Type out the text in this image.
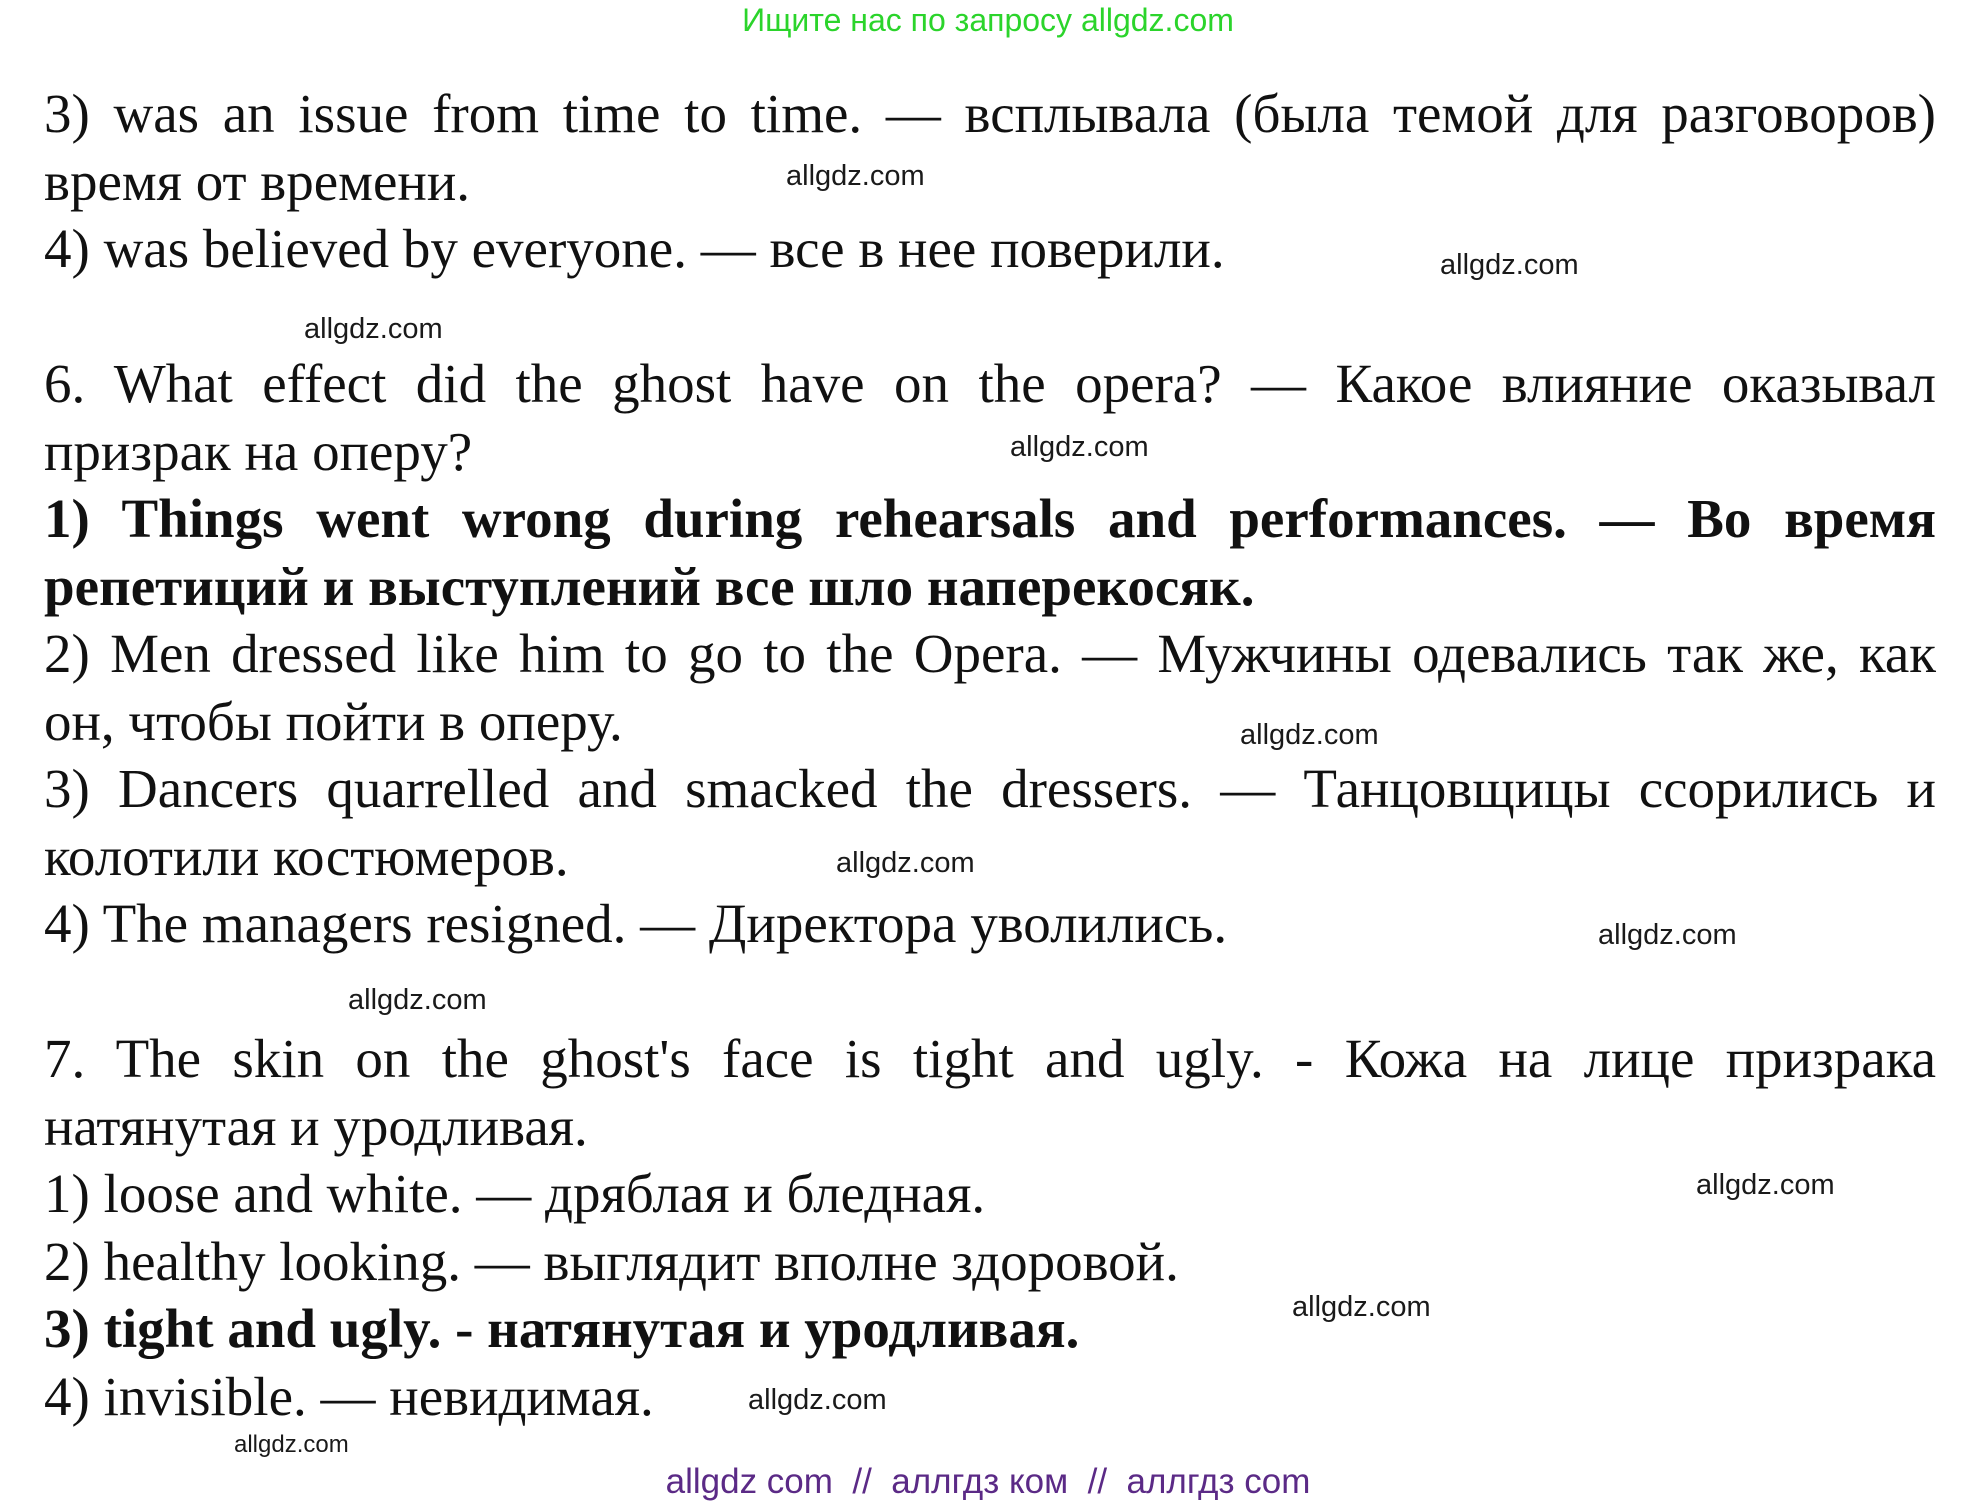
Ищите нас по запросу allgdz.com
3) was an issue from time to time. — всплывала (была темой для разговоров)
время от времени.
4) was believed by everyone. — все в нее поверили.
6. What effect did the ghost have on the opera? — Какое влияние оказывал
призрак на оперу?
1) Things went wrong during rehearsals and performances. — Во время
репетиций и выступлений все шло наперекосяк.
2) Men dressed like him to go to the Opera. — Мужчины одевались так же, как
он, чтобы пойти в оперу.
3) Dancers quarrelled and smacked the dressers. — Танцовщицы ссорились и
колотили костюмеров.
4) The managers resigned. — Директора уволились.
7. The skin on the ghost's face is tight and ugly. - Кожа на лице призрака
натянутая и уродливая.
1) loose and white. — дряблая и бледная.
2) healthy looking. — выглядит вполне здоровой.
3) tight and ugly. - натянутая и уродливая.
4) invisible. — невидимая.
allgdz.com
allgdz.com
allgdz.com
allgdz.com
allgdz.com
allgdz.com
allgdz.com
allgdz.com
allgdz.com
allgdz.com
allgdz.com
allgdz.com
allgdz com  //  аллгдз ком  //  аллгдз com
